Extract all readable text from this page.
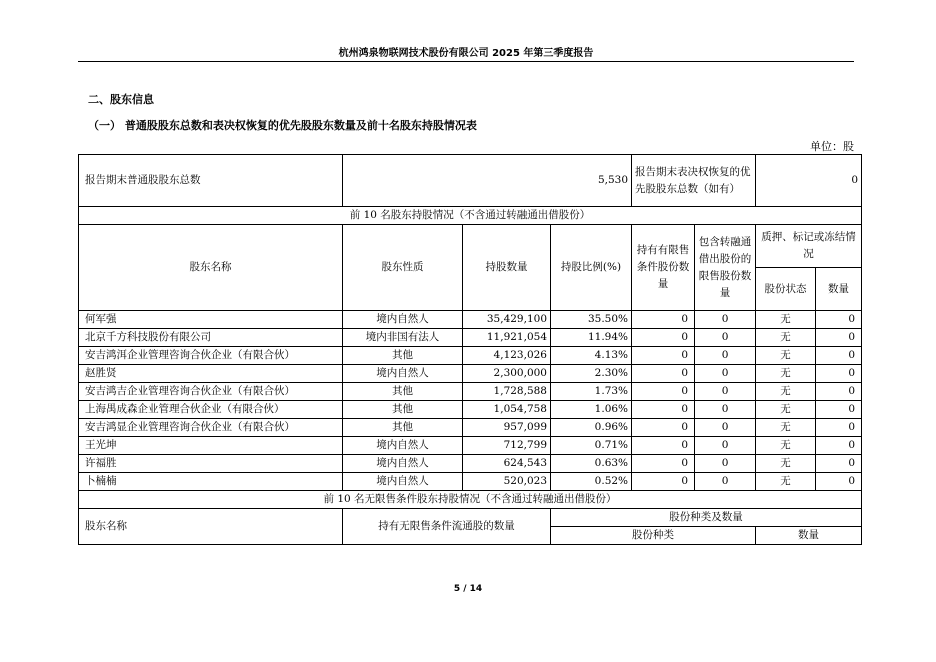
杭州鸿泉物联网技术股份有限公司 2025 年第三季度报告
二、股东信息
（一） 普通股股东总数和表决权恢复的优先股股东数量及前十名股东持股情况表
单位：股
报告期末普通股股东总数	5,530			报告期末表决权恢复的优先股股东总数（如有）		0	
前 10 名股东持股情况（不含通过转融通出借股份）							
股东名称	股东性质	持股数量	持股比例(%)	持有有限售条件股份数量	包含转融通借出股份的限售股份数量	质押、标记或冻结情况	
						股份状态	数量
何军强	境内自然人	35,429,100	35.50%	0	0	无	0
北京千方科技股份有限公司	境内非国有法人	11,921,054	11.94%	0	0	无	0
安吉鸿洱企业管理咨询合伙企业（有限合伙）	其他	4,123,026	4.13%	0	0	无	0
赵胜贤	境内自然人	2,300,000	2.30%	0	0	无	0
安吉鸿吉企业管理咨询合伙企业（有限合伙）	其他	1,728,588	1.73%	0	0	无	0
上海禺成森企业管理合伙企业（有限合伙）	其他	1,054,758	1.06%	0	0	无	0
安吉鸿显企业管理咨询合伙企业（有限合伙）	其他	957,099	0.96%	0	0	无	0
王光坤	境内自然人	712,799	0.71%	0	0	无	0
许福胜	境内自然人	624,543	0.63%	0	0	无	0
卜楠楠	境内自然人	520,023	0.52%	0	0	无	0
前 10 名无限售条件股东持股情况（不含通过转融通出借股份）							
股东名称	持有无限售条件流通股的数量		股份种类及数量				
			股份种类			数量	
5 / 14
